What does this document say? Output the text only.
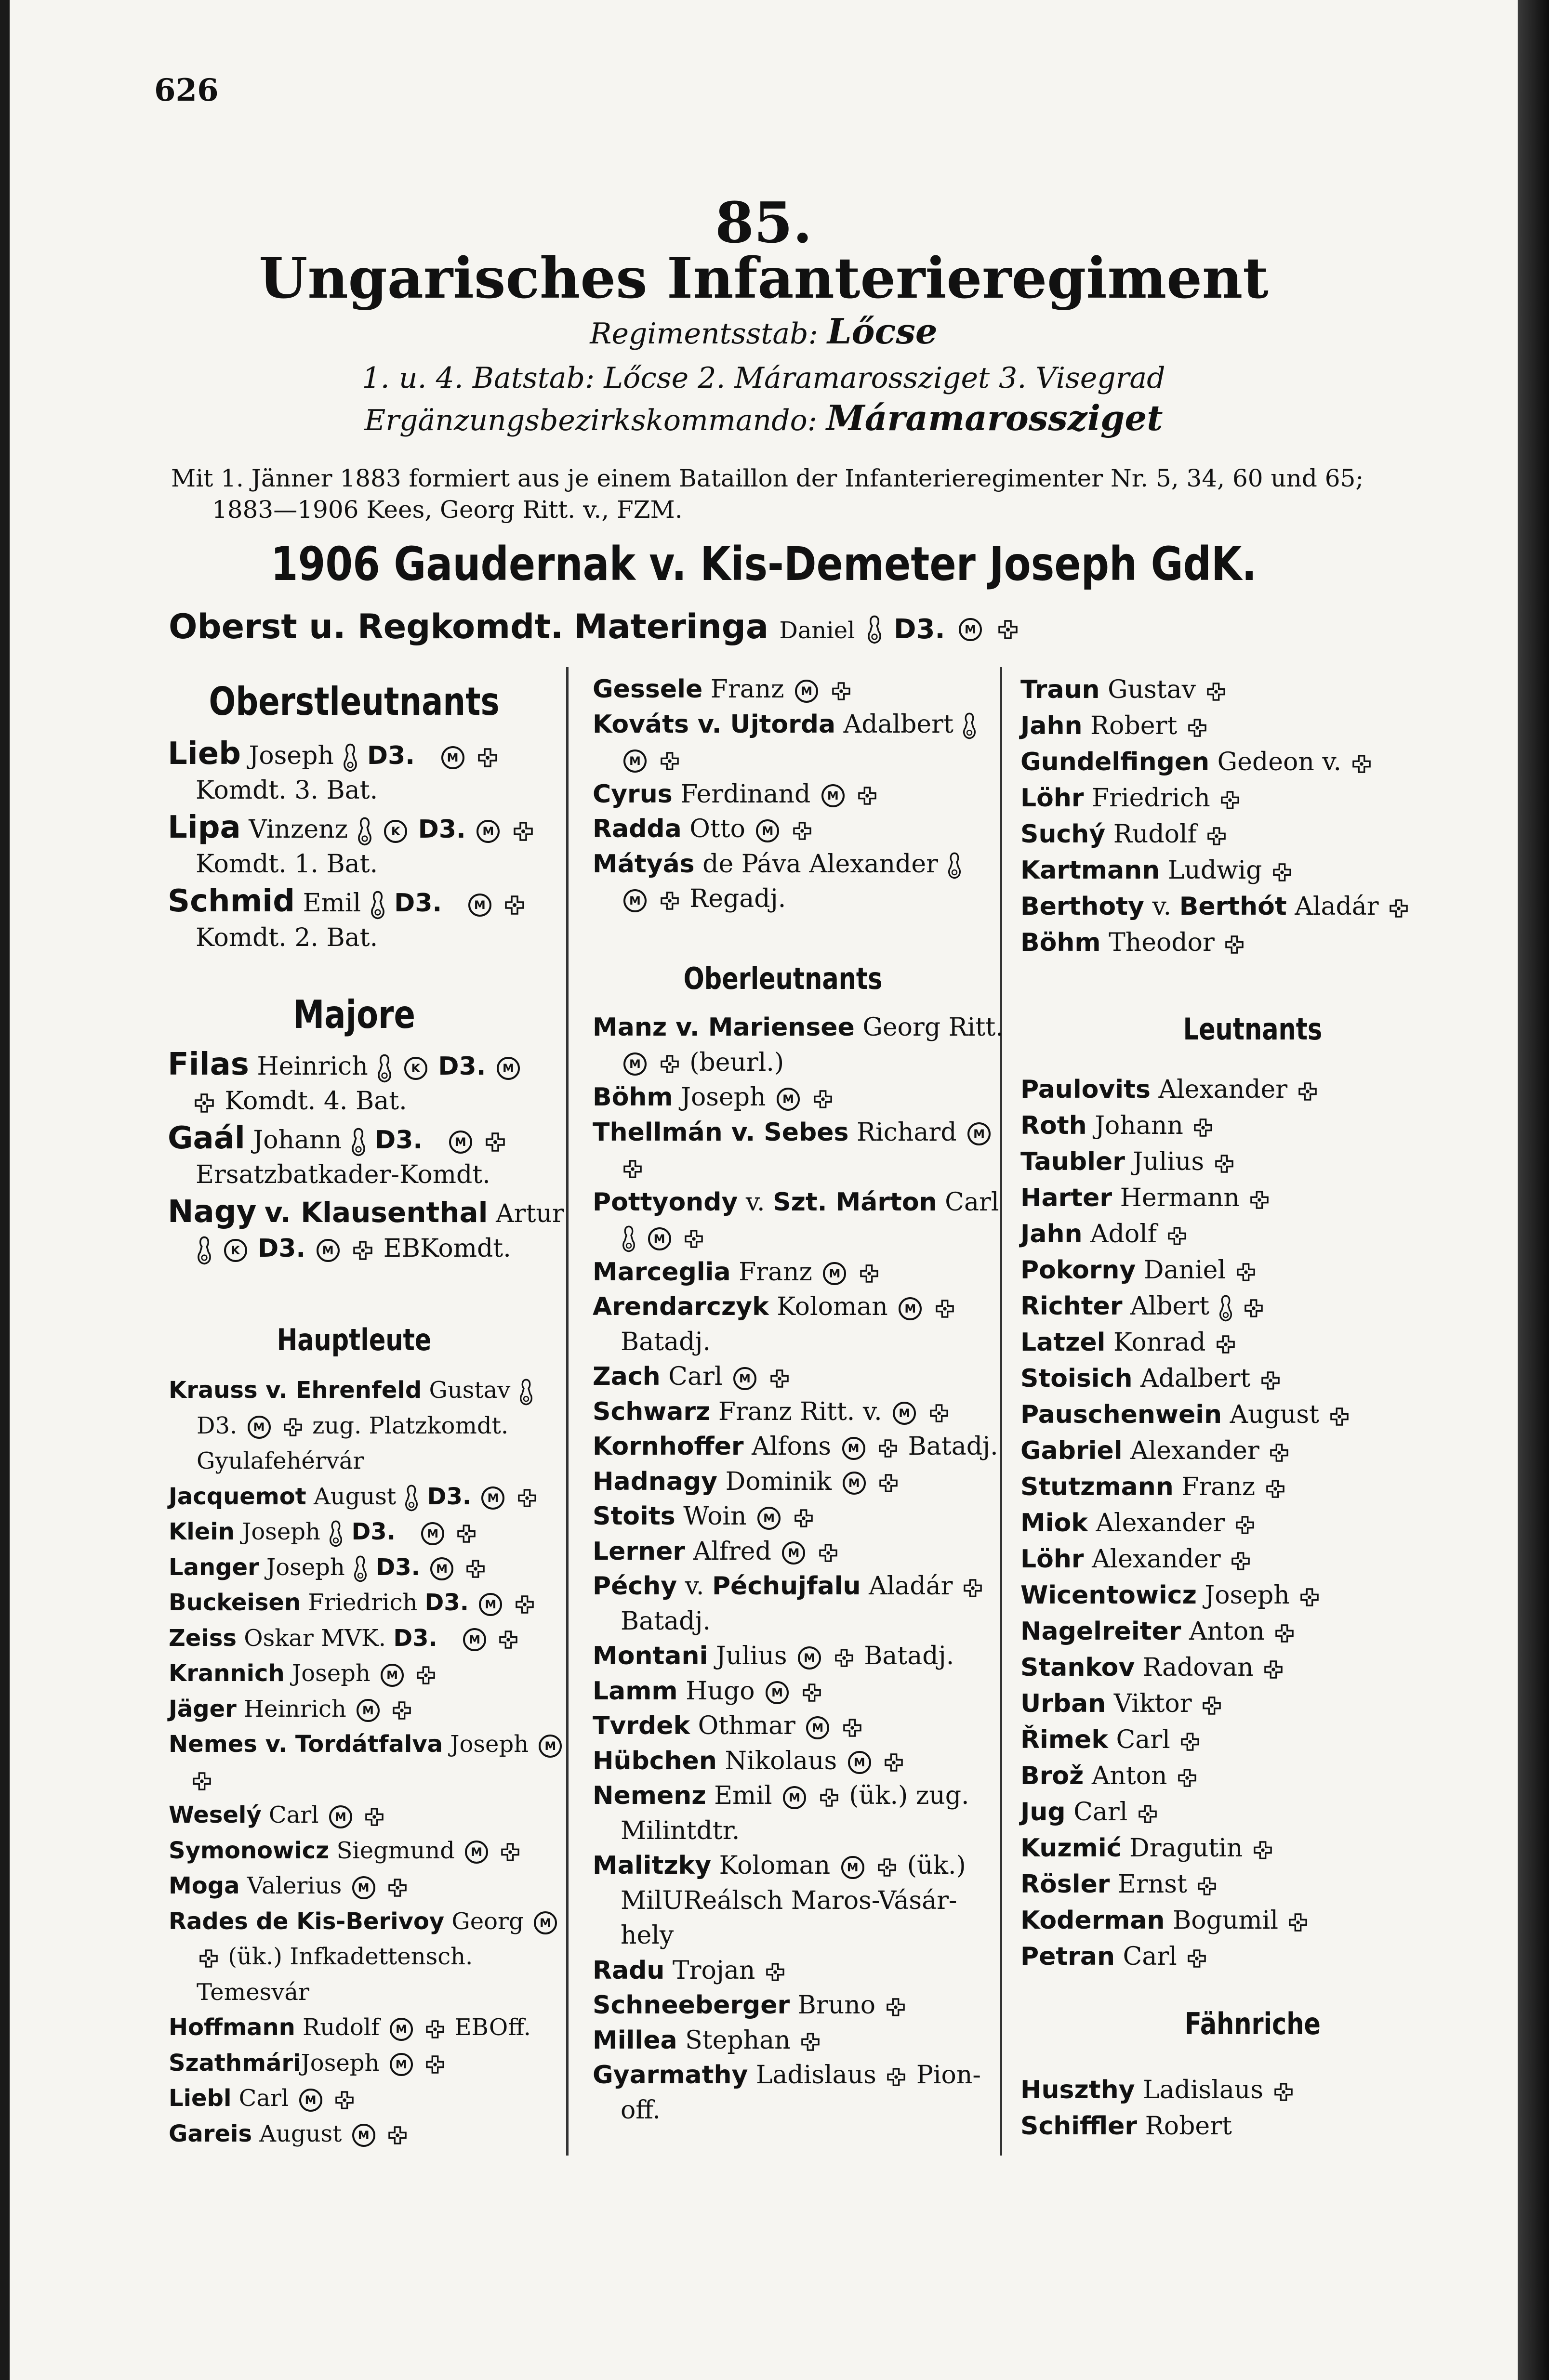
626
85.
Ungarisches Infanterieregiment
Regimentsstab: Lőcse
1. u. 4. Batstab: Lőcse 2. Máramarossziget 3. Visegrad
Ergänzungsbezirkskommando: Máramarossziget
Mit 1. Jänner 1883 formiert aus je einem Bataillon der Infanterieregimenter Nr. 5, 34, 60 und 65;
1883—1906 Kees, Georg Ritt. v., FZM.
1906 Gaudernak v. Kis-Demeter Joseph GdK.
Oberst u. Regkomdt. Materinga Daniel D3. M
Oberstleutnants
Lieb Joseph D3.	M
Komdt. 3. Bat.
Lipa Vinzenz	K D3. M
Komdt. 1. Bat.
Schmid Emil D3.	M
Komdt. 2. Bat.
Majore
Filas Heinrich	K D3. M
Komdt. 4. Bat.
Gaál Johann D3.	M
Ersatzbatkader-Komdt.
Nagy v. Klausenthal Artur
K D3. M EBKomdt.
Hauptleute
Krauss v. Ehrenfeld Gustav
D3. M zug. Platzkomdt.
Gyulafehérvár
Jacquemot August D3. M
Klein Joseph D3.	M
Langer Joseph D3. M
Buckeisen Friedrich D3. M
Zeiss Oskar MVK. D3.	M
Krannich Joseph M
Jäger Heinrich M
Nemes v. Tordátfalva Joseph M
Weselý Carl M
Symonowicz Siegmund M
Moga Valerius M
Rades de Kis-Berivoy Georg M
(ük.) Infkadettensch.
Temesvár
Hoffmann Rudolf M EBOff.
SzathmáriJoseph M
Liebl Carl M
Gareis August M
Gessele Franz M
Kováts v. Ujtorda Adalbert
M
Cyrus Ferdinand M
Radda Otto M
Mátyás de Páva Alexander
M Regadj.
Oberleutnants
Manz v. Mariensee Georg Ritt.
M (beurl.)
Böhm Joseph M
Thellmán v. Sebes Richard M
Pottyondy v. Szt. Márton Carl
M
Marceglia Franz M
Arendarczyk Koloman M
Batadj.
Zach Carl M
Schwarz Franz Ritt. v. M
Kornhoffer Alfons M Batadj.
Hadnagy Dominik M
Stoits Woin M
Lerner Alfred M
Péchy v. Péchujfalu Aladár
Batadj.
Montani Julius M Batadj.
Lamm Hugo M
Tvrdek Othmar M
Hübchen Nikolaus M
Nemenz Emil M (ük.) zug.
Milintdtr.
Malitzky Koloman M (ük.)
MilUReálsch Maros-Vásár-
hely
Radu Trojan
Schneeberger Bruno
Millea Stephan
Gyarmathy Ladislaus Pion-
off.
Traun Gustav
Jahn Robert
Gundelfingen Gedeon v.
Löhr Friedrich
Suchý Rudolf
Kartmann Ludwig
Berthoty v. Berthót Aladár
Böhm Theodor
Leutnants
Paulovits Alexander
Roth Johann
Taubler Julius
Harter Hermann
Jahn Adolf
Pokorny Daniel
Richter Albert
Latzel Konrad
Stoisich Adalbert
Pauschenwein August
Gabriel Alexander
Stutzmann Franz
Miok Alexander
Löhr Alexander
Wicentowicz Joseph
Nagelreiter Anton
Stankov Radovan
Urban Viktor
Řimek Carl
Brož Anton
Jug Carl
Kuzmić Dragutin
Rösler Ernst
Koderman Bogumil
Petran Carl
Fähnriche
Huszthy Ladislaus
Schiffler Robert
